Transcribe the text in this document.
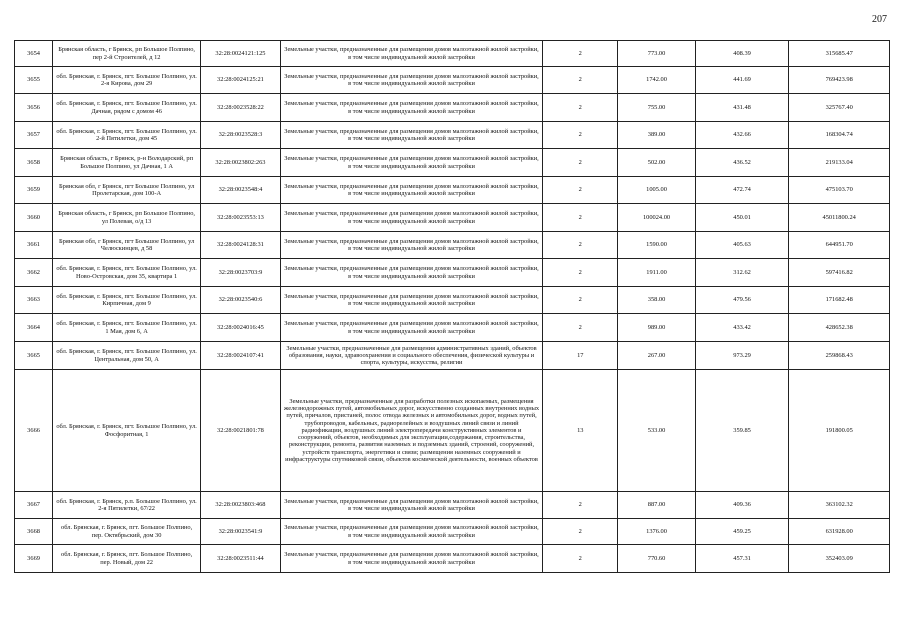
207
3654	Брянская область, г Брянск, рп Большое Полпино, пер 2-й Строителей, д 12	32:28:0024121:125	Земельные участки, предназначенные для размещения домов малоэтажной жилой застройки, в том числе индивидуальной жилой застройки	2	773.00	408.39	315685.47
3655	обл. Брянская, г. Брянск, пгт. Большое Полпино, ул. 2-я Кирова, дом 29	32:28:0024125:21	Земельные участки, предназначенные для размещения домов малоэтажной жилой застройки, в том числе индивидуальной жилой застройки	2	1742.00	441.69	769423.98
3656	обл. Брянская, г. Брянск, пгт. Большое Полпино, ул. Дачная, рядом с домом 46	32:28:0023528:22	Земельные участки, предназначенные для размещения домов малоэтажной жилой застройки, в том числе индивидуальной жилой застройки	2	755.00	431.48	325767.40
3657	обл. Брянская, г. Брянск, пгт. Большое Полпино, ул. 2-й Пятилетки, дом 45	32:28:0023528:3	Земельные участки, предназначенные для размещения домов малоэтажной жилой застройки, в том числе индивидуальной жилой застройки	2	389.00	432.66	168304.74
3658	Брянская область, г Брянск, р-н Володарский, рп Большое Полпино, ул Дачная, 1 А	32:28:0023802:263	Земельные участки, предназначенные для размещения домов малоэтажной жилой застройки, в том числе индивидуальной жилой застройки	2	502.00	436.52	219133.04
3659	Брянская обл, г Брянск, пгт Большое Полпино, ул Пролетарская, дом 100-А	32:28:0023548:4	Земельные участки, предназначенные для размещения домов малоэтажной жилой застройки, в том числе индивидуальной жилой застройки	2	1005.00	472.74	475103.70
3660	Брянская область, г Брянск, рп Большое Полпино, ул Полевая, о/д 13	32:28:0023553:13	Земельные участки, предназначенные для размещения домов малоэтажной жилой застройки, в том числе индивидуальной жилой застройки	2	100024.00	450.01	45011800.24
3661	Брянская обл, г Брянск, пгт Большое Полпино, ул Челюскинцев, д 58	32:28:0024128:31	Земельные участки, предназначенные для размещения домов малоэтажной жилой застройки, в том числе индивидуальной жилой застройки	2	1590.00	405.63	644951.70
3662	обл. Брянская, г. Брянск, пгт. Большое Полпино, ул. Ново-Островская, дом 35, квартира 1	32:28:0023703:9	Земельные участки, предназначенные для размещения домов малоэтажной жилой застройки, в том числе индивидуальной жилой застройки	2	1911.00	312.62	597416.82
3663	обл. Брянская, г. Брянск, пгт. Большое Полпино, ул. Кирпичная, дом 9	32:28:0023540:6	Земельные участки, предназначенные для размещения домов малоэтажной жилой застройки, в том числе индивидуальной жилой застройки	2	358.00	479.56	171682.48
3664	обл. Брянская, г. Брянск, пгт. Большое Полпино, ул. 1 Мая, дом 6, А	32:28:0024016:45	Земельные участки, предназначенные для размещения домов малоэтажной жилой застройки, в том числе индивидуальной жилой застройки	2	989.00	433.42	428652.38
3665	обл. Брянская, г. Брянск, пгт. Большое Полпино, ул. Центральная, дом 50, А	32:28:0024107:41	Земельные участки, предназначенные для размещения административных зданий, объектов образования, науки, здравоохранения и социального обеспечения, физической культуры и спорта, культуры, искусства, религии	17	267.00	973.29	259868.43
3666	обл. Брянская, г. Брянск, пгт. Большое Полпино, ул. Фосфоритная, 1	32:28:0021801:78	Земельные участки, предназначенные для разработки полезных ископаемых, размещения железнодорожных путей, автомобильных дорог, искусственно созданных внутренних водных путей, причалов, пристаней, полос отвода железных и автомобильных дорог, водных путей, трубопроводов, кабельных, радиорелейных и воздушных линий связи и линий радиофикации, воздушных линий электропередачи конструктивных элементов и сооружений, объектов, необходимых для эксплуатации,содержания, строительства, реконструкции, ремонта, развития наземных и подземных зданий, строений, сооружений, устройств транспорта, энергетики и связи; размещения наземных сооружений и инфраструктуры спутниковой связи, объектов космической деятельности, военных объектов	13	533.00	359.85	191800.05
3667	обл. Брянская, г. Брянск, р.п. Большое Полпино, ул. 2-я Пятилетки, 67/22	32:28:0023803:468	Земельные участки, предназначенные для размещения домов малоэтажной жилой застройки, в том числе индивидуальной жилой застройки	2	887.00	409.36	363102.32
3668	обл. Брянская, г. Брянск, пгт. Большое Полпино, пер. Октябрьский, дом 30	32:28:0023541:9	Земельные участки, предназначенные для размещения домов малоэтажной жилой застройки, в том числе индивидуальной жилой застройки	2	1376.00	459.25	631928.00
3669	обл. Брянская, г. Брянск, пгт. Большое Полпино, пер. Новый, дом 22	32:28:0023511:44	Земельные участки, предназначенные для размещения домов малоэтажной жилой застройки, в том числе индивидуальной жилой застройки	2	770.60	457.31	352403.09
